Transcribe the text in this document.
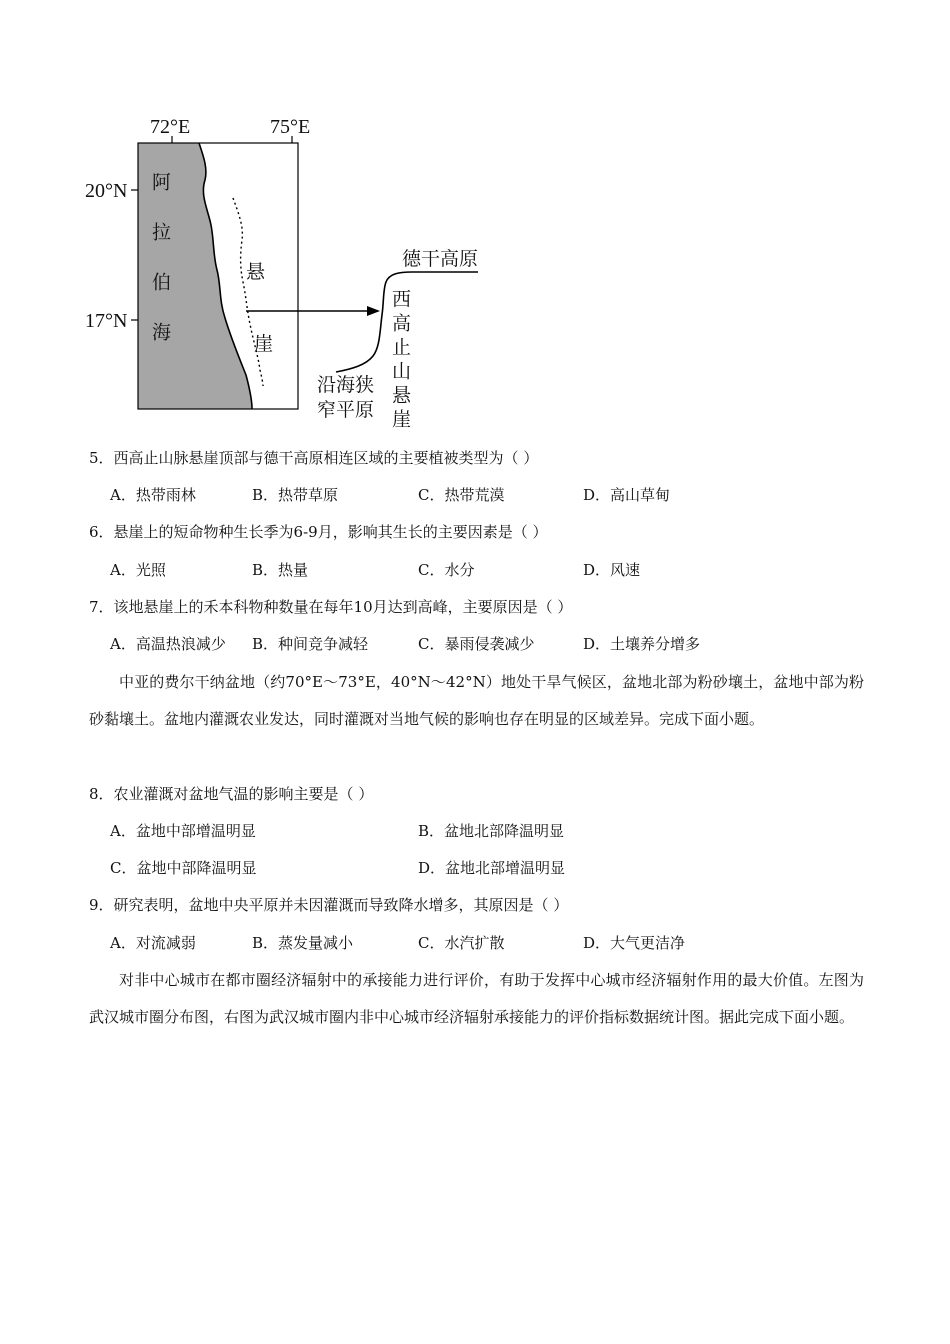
72°E	75°E
20°N
17°N 阿拉伯海	悬
崖
德干高原
西高止山悬崖
沿海狭
窄平原
5．西高止山脉悬崖顶部与德干高原相连区域的主要植被类型为（ ）
A．热带雨林	B．热带草原	C．热带荒漠	D．高山草甸
6．悬崖上的短命物种生长季为6-9月，影响其生长的主要因素是（ ）
A．光照	B．热量	C．水分	D．风速
7．该地悬崖上的禾本科物种数量在每年10月达到高峰，主要原因是（ ）
A．高温热浪减少 B．种间竞争减轻	C．暴雨侵袭减少	D．土壤养分增多
中亚的费尔干纳盆地（约70°E～73°E，40°N～42°N）地处干旱气候区，盆地北部为粉砂壤土，盆地中部为粉砂黏壤土。盆地内灌溉农业发达，同时灌溉对当地气候的影响也存在明显的区域差异。完成下面小题。
8．农业灌溉对盆地气温的影响主要是（ ）
A．盆地中部增温明显	B．盆地北部降温明显
C．盆地中部降温明显	D．盆地北部增温明显
9．研究表明，盆地中央平原并未因灌溉而导致降水增多，其原因是（ ）
A．对流减弱	B．蒸发量减小	C．水汽扩散	D．大气更洁净
对非中心城市在都市圈经济辐射中的承接能力进行评价，有助于发挥中心城市经济辐射作用的最大价值。左图为武汉城市圈分布图，右图为武汉城市圈内非中心城市经济辐射承接能力的评价指标数据统计图。据此完成下面小题。
